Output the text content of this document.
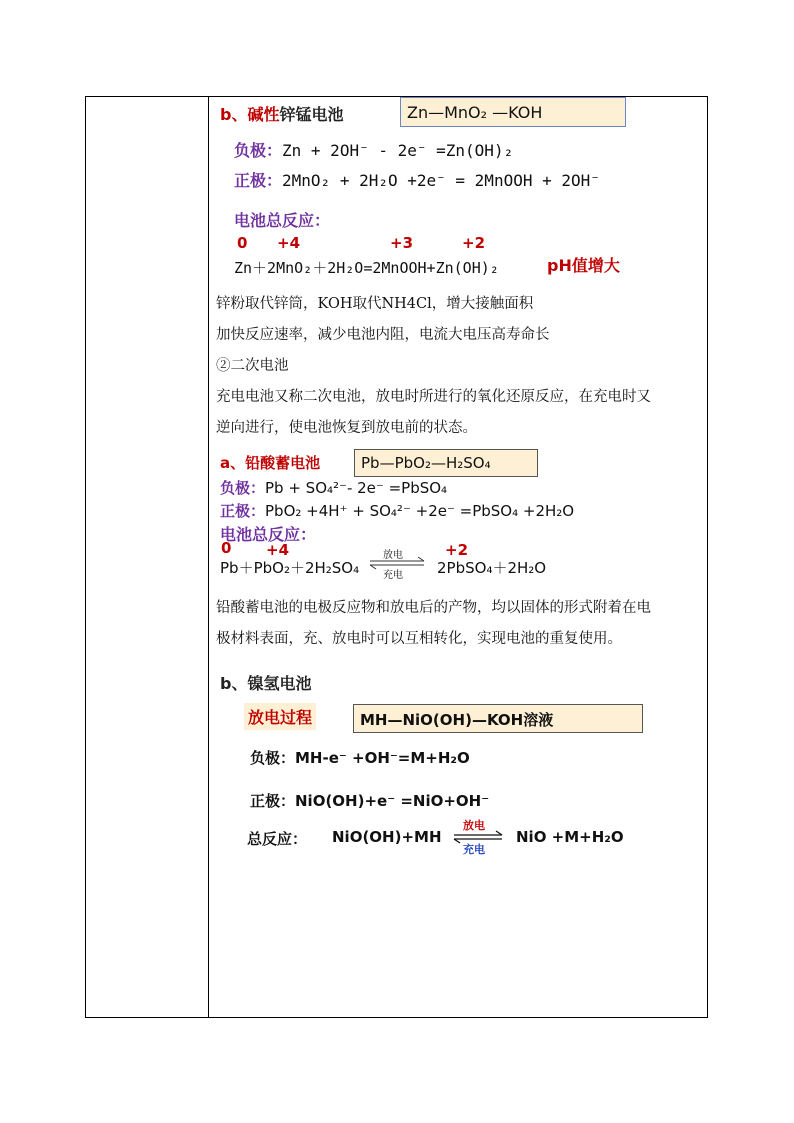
b、碱性锌锰电池	Zn—MnO₂ —KOH
负极：Zn + 2OH⁻ - 2e⁻ =Zn(OH)₂
正极：2MnO₂ + 2H₂O +2e⁻ = 2MnOOH + 2OH⁻
电池总反应：
0 +4	+3	+2
Zn＋2MnO₂＋2H₂O=2MnOOH+Zn(OH)₂	pH值增大
锌粉取代锌筒，KOH取代NH4Cl，增大接触面积
加快反应速率，减少电池内阻，电流大电压高寿命长
②二次电池
充电电池又称二次电池，放电时所进行的氧化还原反应，在充电时又
逆向进行，使电池恢复到放电前的状态。
a、铅酸蓄电池	Pb—PbO₂—H₂SO₄
负极：Pb + SO₄²⁻- 2e⁻ =PbSO₄
正极：PbO₂ +4H⁺ + SO₄²⁻ +2e⁻ =PbSO₄ +2H₂O
电池总反应：
0 +4	+2
Pb＋PbO₂＋2H₂SO₄
放电
充电 2PbSO₄＋2H₂O
铅酸蓄电池的电极反应物和放电后的产物，均以固体的形式附着在电
极材料表面，充、放电时可以互相转化，实现电池的重复使用。
b、镍氢电池
放电过程	MH—NiO(OH)—KOH溶液
负极：MH-e⁻ +OH⁻=M+H₂O
正极：NiO(OH)+e⁻ =NiO+OH⁻
总反应： NiO(OH)+MH
放电
充电
NiO +M+H₂O
